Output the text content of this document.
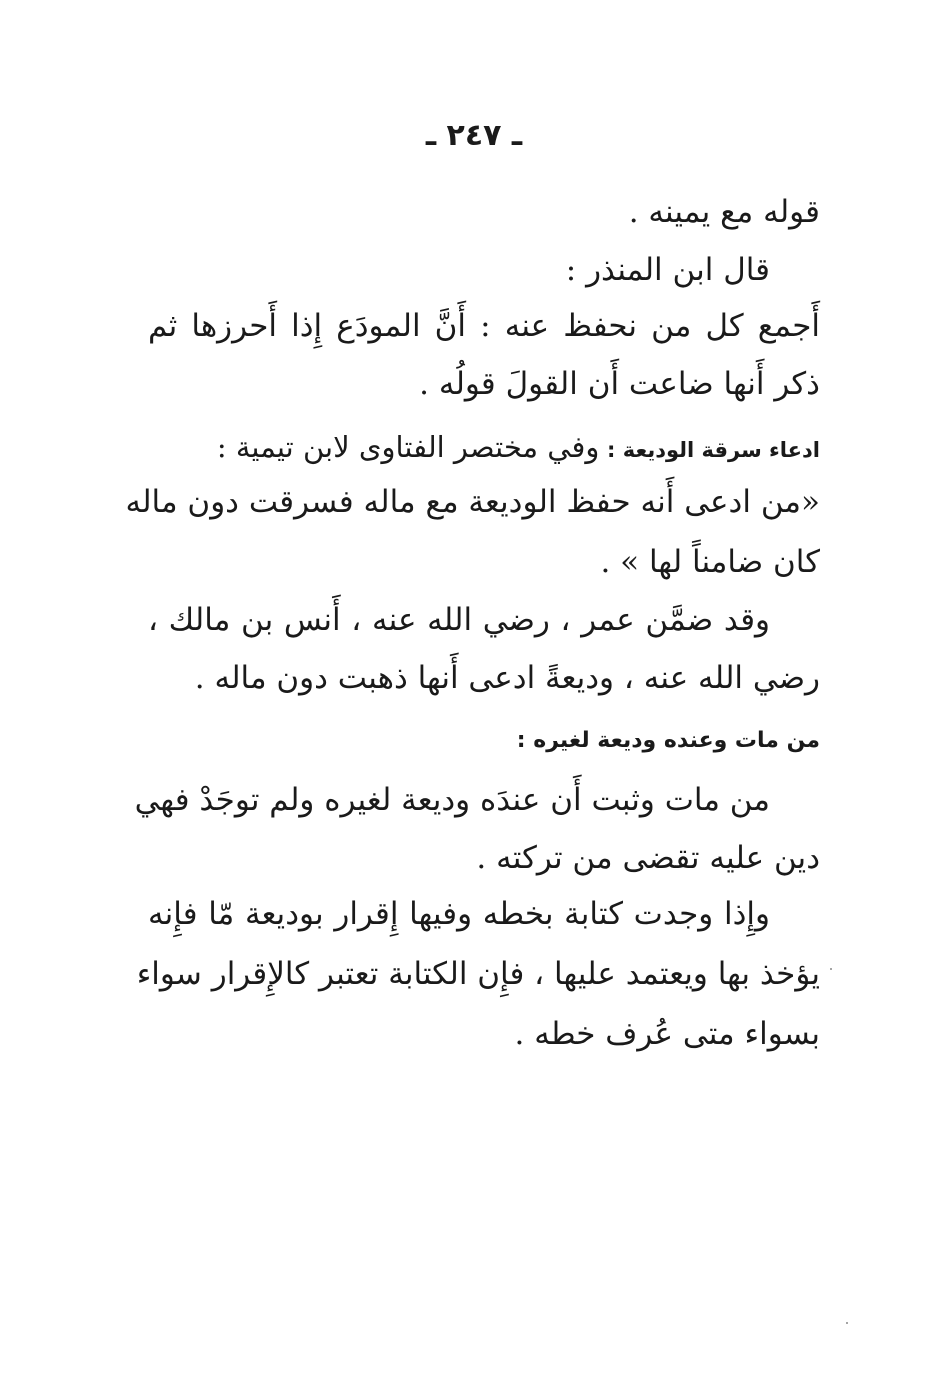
ـ ٢٤٧ ـ
قوله مع يمينه .
قال ابن المنذر :
أَجمع كل من نحفظ عنه : أَنَّ المودَع إِذا أَحرزها ثم
ذكر أَنها ضاعت أَن القولَ قولُه .
ادعاء سرقة الوديعة : وفي مختصر الفتاوى لابن تيمية :
«من ادعى أَنه حفظ الوديعة مع ماله فسرقت دون ماله
كان ضامناً لها » .
وقد ضمَّن عمر ، رضي الله عنه ، أَنس بن مالك ،
رضي الله عنه ، وديعةً ادعى أَنها ذهبت دون ماله .
من مات وعنده وديعة لغيره :
من مات وثبت أَن عندَه وديعة لغيره ولم توجَدْ فهي
دين عليه تقضى من تركته .
وإِذا وجدت كتابة بخطه وفيها إِقرار بوديعة مّا فإِنه
يؤخذ بها ويعتمد عليها ، فإِن الكتابة تعتبر كالإِقرار سواء
بسواء متى عُرف خطه .
